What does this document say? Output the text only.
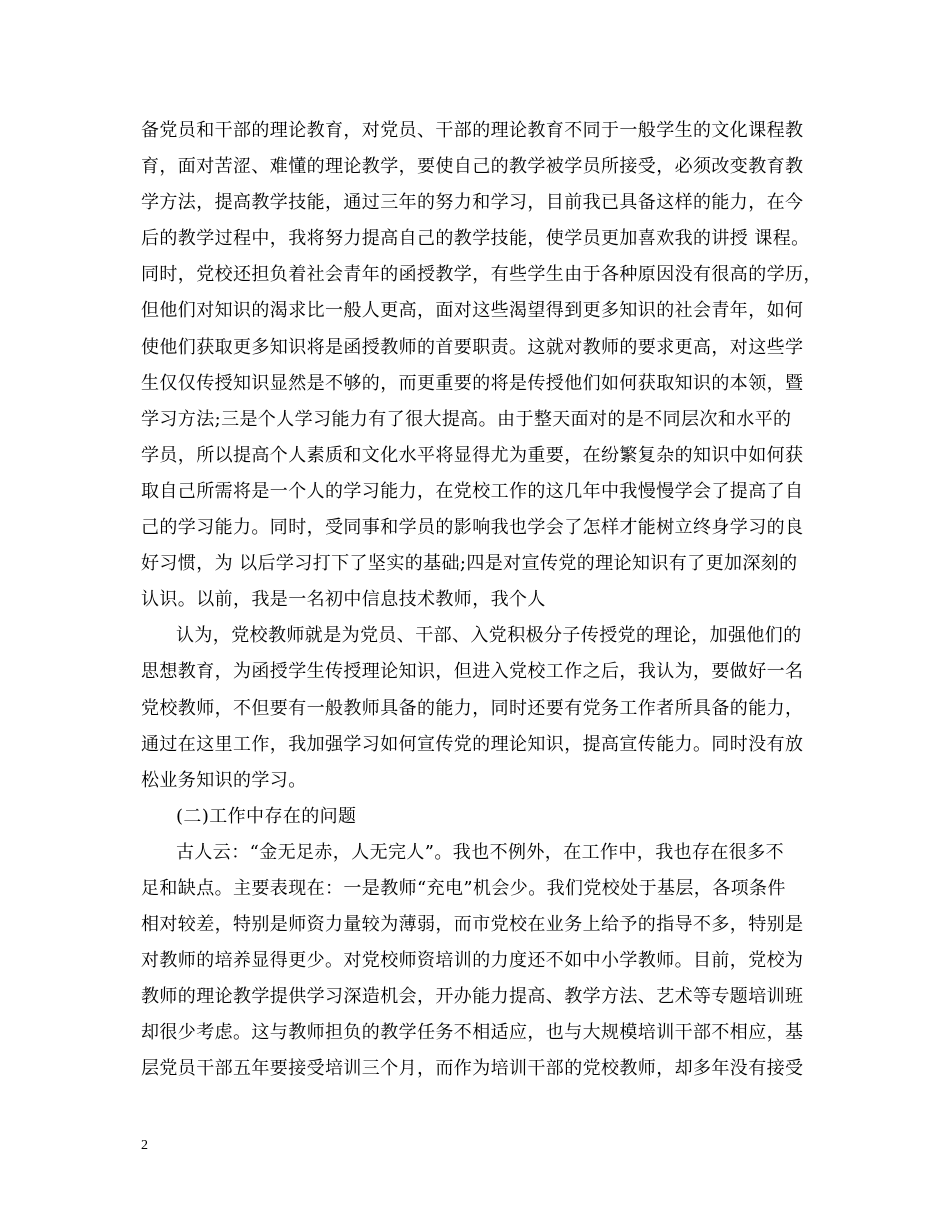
备党员和干部的理论教育，对党员、干部的理论教育不同于一般学生的文化课程教
育，面对苦涩、难懂的理论教学，要使自己的教学被学员所接受，必须改变教育教
学方法，提高教学技能，通过三年的努力和学习，目前我已具备这样的能力，在今
后的教学过程中，我将努力提高自己的教学技能，使学员更加喜欢我的讲授 课程。
同时，党校还担负着社会青年的函授教学，有些学生由于各种原因没有很高的学历，
但他们对知识的渴求比一般人更高，面对这些渴望得到更多知识的社会青年，如何
使他们获取更多知识将是函授教师的首要职责。这就对教师的要求更高，对这些学
生仅仅传授知识显然是不够的，而更重要的将是传授他们如何获取知识的本领，暨
学习方法;三是个人学习能力有了很大提高。由于整天面对的是不同层次和水平的
学员，所以提高个人素质和文化水平将显得尤为重要，在纷繁复杂的知识中如何获
取自己所需将是一个人的学习能力，在党校工作的这几年中我慢慢学会了提高了自
己的学习能力。同时，受同事和学员的影响我也学会了怎样才能树立终身学习的良
好习惯，为 以后学习打下了坚实的基础;四是对宣传党的理论知识有了更加深刻的
认识。以前，我是一名初中信息技术教师，我个人
认为，党校教师就是为党员、干部、入党积极分子传授党的理论，加强他们的
思想教育，为函授学生传授理论知识，但进入党校工作之后，我认为，要做好一名
党校教师，不但要有一般教师具备的能力，同时还要有党务工作者所具备的能力，
通过在这里工作，我加强学习如何宣传党的理论知识，提高宣传能力。同时没有放
松业务知识的学习。
(二)工作中存在的问题
古人云：“金无足赤，人无完人”。我也不例外，在工作中，我也存在很多不
足和缺点。主要表现在：一是教师“充电”机会少。我们党校处于基层，各项条件
相对较差，特别是师资力量较为薄弱，而市党校在业务上给予的指导不多，特别是
对教师的培养显得更少。对党校师资培训的力度还不如中小学教师。目前，党校为
教师的理论教学提供学习深造机会，开办能力提高、教学方法、艺术等专题培训班
却很少考虑。这与教师担负的教学任务不相适应，也与大规模培训干部不相应，基
层党员干部五年要接受培训三个月，而作为培训干部的党校教师，却多年没有接受
2
